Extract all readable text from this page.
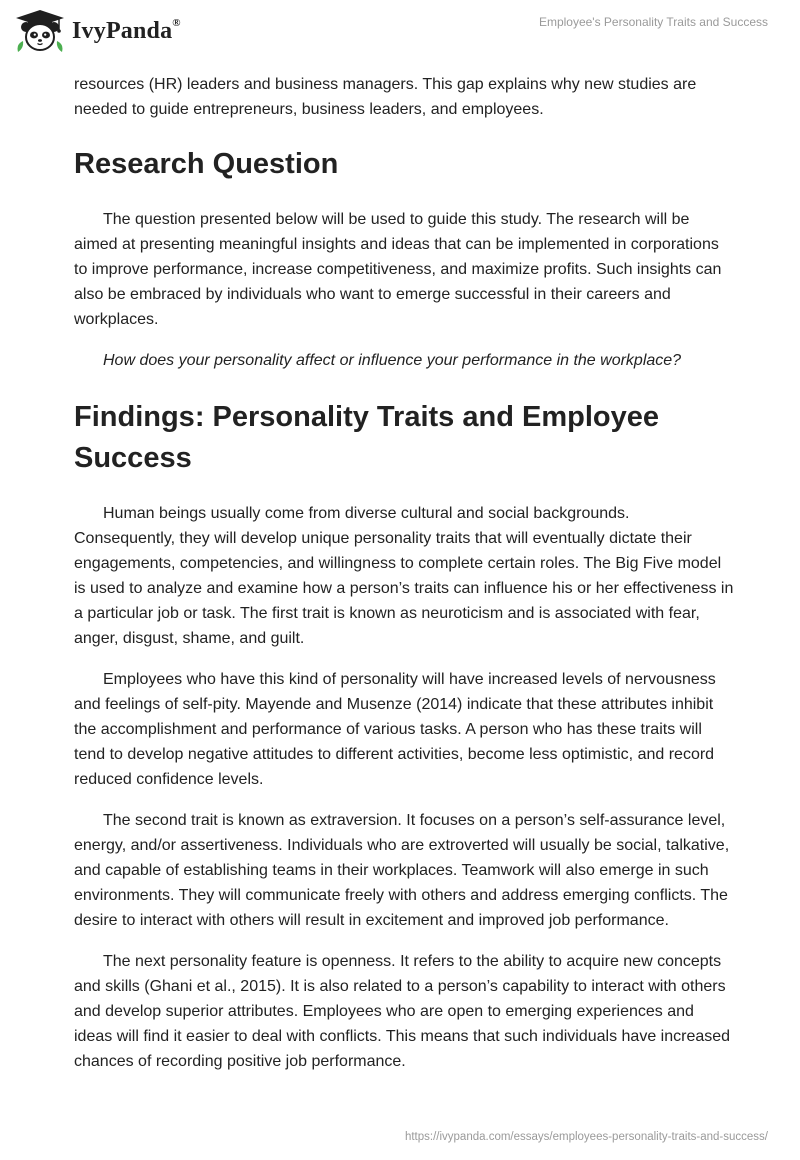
IvyPanda®	Employee's Personality Traits and Success

resources (HR) leaders and business managers. This gap explains why new studies are needed to guide entrepreneurs, business leaders, and employees.

Research Question

The question presented below will be used to guide this study. The research will be aimed at presenting meaningful insights and ideas that can be implemented in corporations to improve performance, increase competitiveness, and maximize profits. Such insights can also be embraced by individuals who want to emerge successful in their careers and workplaces.

How does your personality affect or influence your performance in the workplace?

Findings: Personality Traits and Employee Success

Human beings usually come from diverse cultural and social backgrounds. Consequently, they will develop unique personality traits that will eventually dictate their engagements, competencies, and willingness to complete certain roles. The Big Five model is used to analyze and examine how a person’s traits can influence his or her effectiveness in a particular job or task. The first trait is known as neuroticism and is associated with fear, anger, disgust, shame, and guilt.

Employees who have this kind of personality will have increased levels of nervousness and feelings of self-pity. Mayende and Musenze (2014) indicate that these attributes inhibit the accomplishment and performance of various tasks. A person who has these traits will tend to develop negative attitudes to different activities, become less optimistic, and record reduced confidence levels.

The second trait is known as extraversion. It focuses on a person’s self-assurance level, energy, and/or assertiveness. Individuals who are extroverted will usually be social, talkative, and capable of establishing teams in their workplaces. Teamwork will also emerge in such environments. They will communicate freely with others and address emerging conflicts. The desire to interact with others will result in excitement and improved job performance.

The next personality feature is openness. It refers to the ability to acquire new concepts and skills (Ghani et al., 2015). It is also related to a person’s capability to interact with others and develop superior attributes. Employees who are open to emerging experiences and ideas will find it easier to deal with conflicts. This means that such individuals have increased chances of recording positive job performance.

https://ivypanda.com/essays/employees-personality-traits-and-success/
